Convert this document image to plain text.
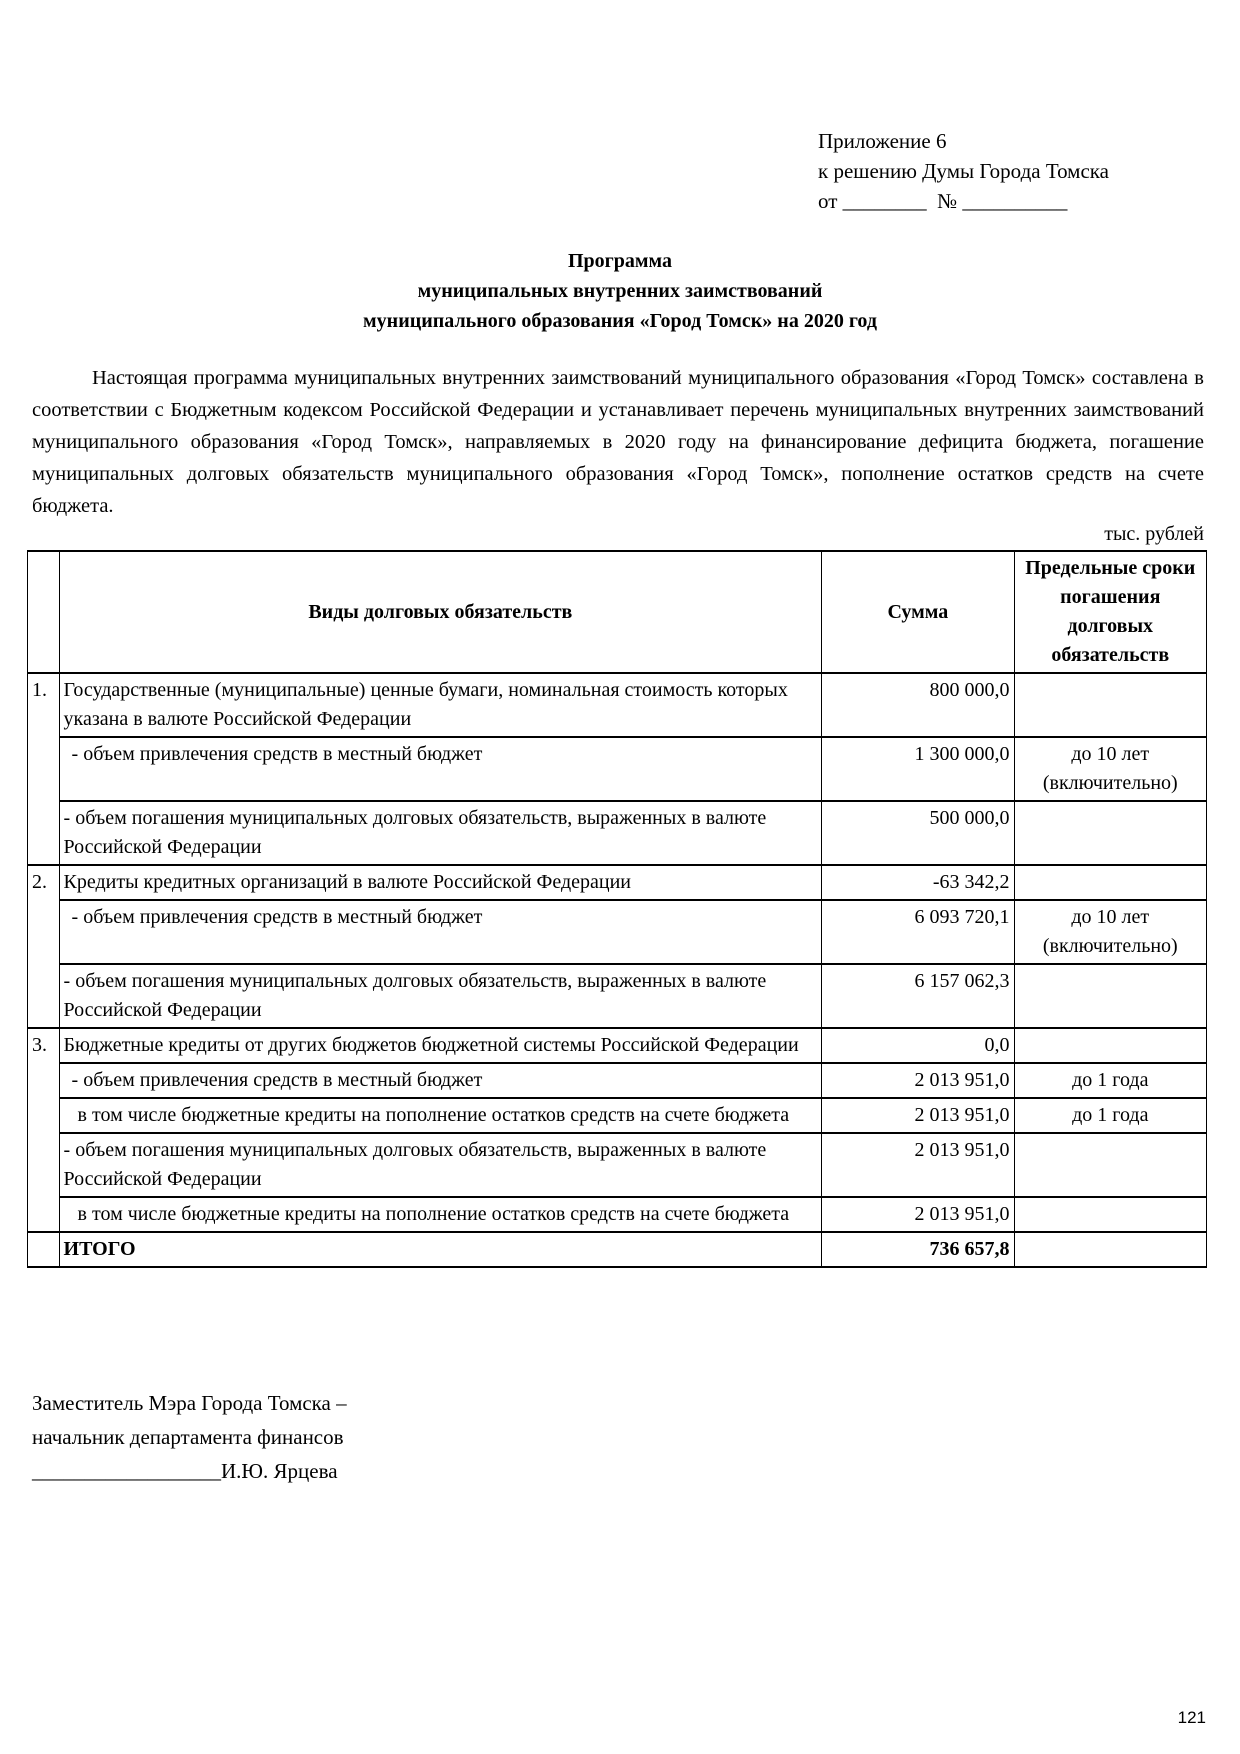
Приложение 6
к решению Думы Города Томска
от ________  № __________
Программа
муниципальных внутренних заимствований
муниципального образования «Город Томск» на 2020 год
Настоящая программа муниципальных внутренних заимствований муниципального образования «Город Томск» составлена в соответствии с Бюджетным кодексом Российской Федерации и устанавливает перечень муниципальных внутренних заимствований муниципального образования «Город Томск», направляемых в 2020 году на финансирование дефицита бюджета, погашение муниципальных долговых обязательств муниципального образования «Город Томск», пополнение остатков средств на счете бюджета.
тыс. рублей
	Виды долговых обязательств	Сумма	Предельные сроки погашения долговых обязательств
1.	Государственные (муниципальные) ценные бумаги, номинальная стоимость которых указана в валюте Российской Федерации	800 000,0	
	- объем привлечения средств в местный бюджет	1 300 000,0	до 10 лет (включительно)
	- объем погашения муниципальных долговых обязательств, выраженных в валюте Российской Федерации	500 000,0	
2.	Кредиты кредитных организаций в валюте Российской Федерации	-63 342,2	
	- объем привлечения средств в местный бюджет	6 093 720,1	до 10 лет (включительно)
	- объем погашения муниципальных долговых обязательств, выраженных в валюте Российской Федерации	6 157 062,3	
3.	Бюджетные кредиты от других бюджетов бюджетной системы Российской Федерации	0,0	
	- объем привлечения средств в местный бюджет	2 013 951,0	до 1 года
	в том числе бюджетные кредиты на пополнение остатков средств на счете бюджета	2 013 951,0	до 1 года
	- объем погашения муниципальных долговых обязательств, выраженных в валюте Российской Федерации	2 013 951,0	
	в том числе бюджетные кредиты на пополнение остатков средств на счете бюджета	2 013 951,0	
	ИТОГО	736 657,8	
Заместитель Мэра Города Томска –
начальник департамента финансов
__________________И.Ю. Ярцева
121
